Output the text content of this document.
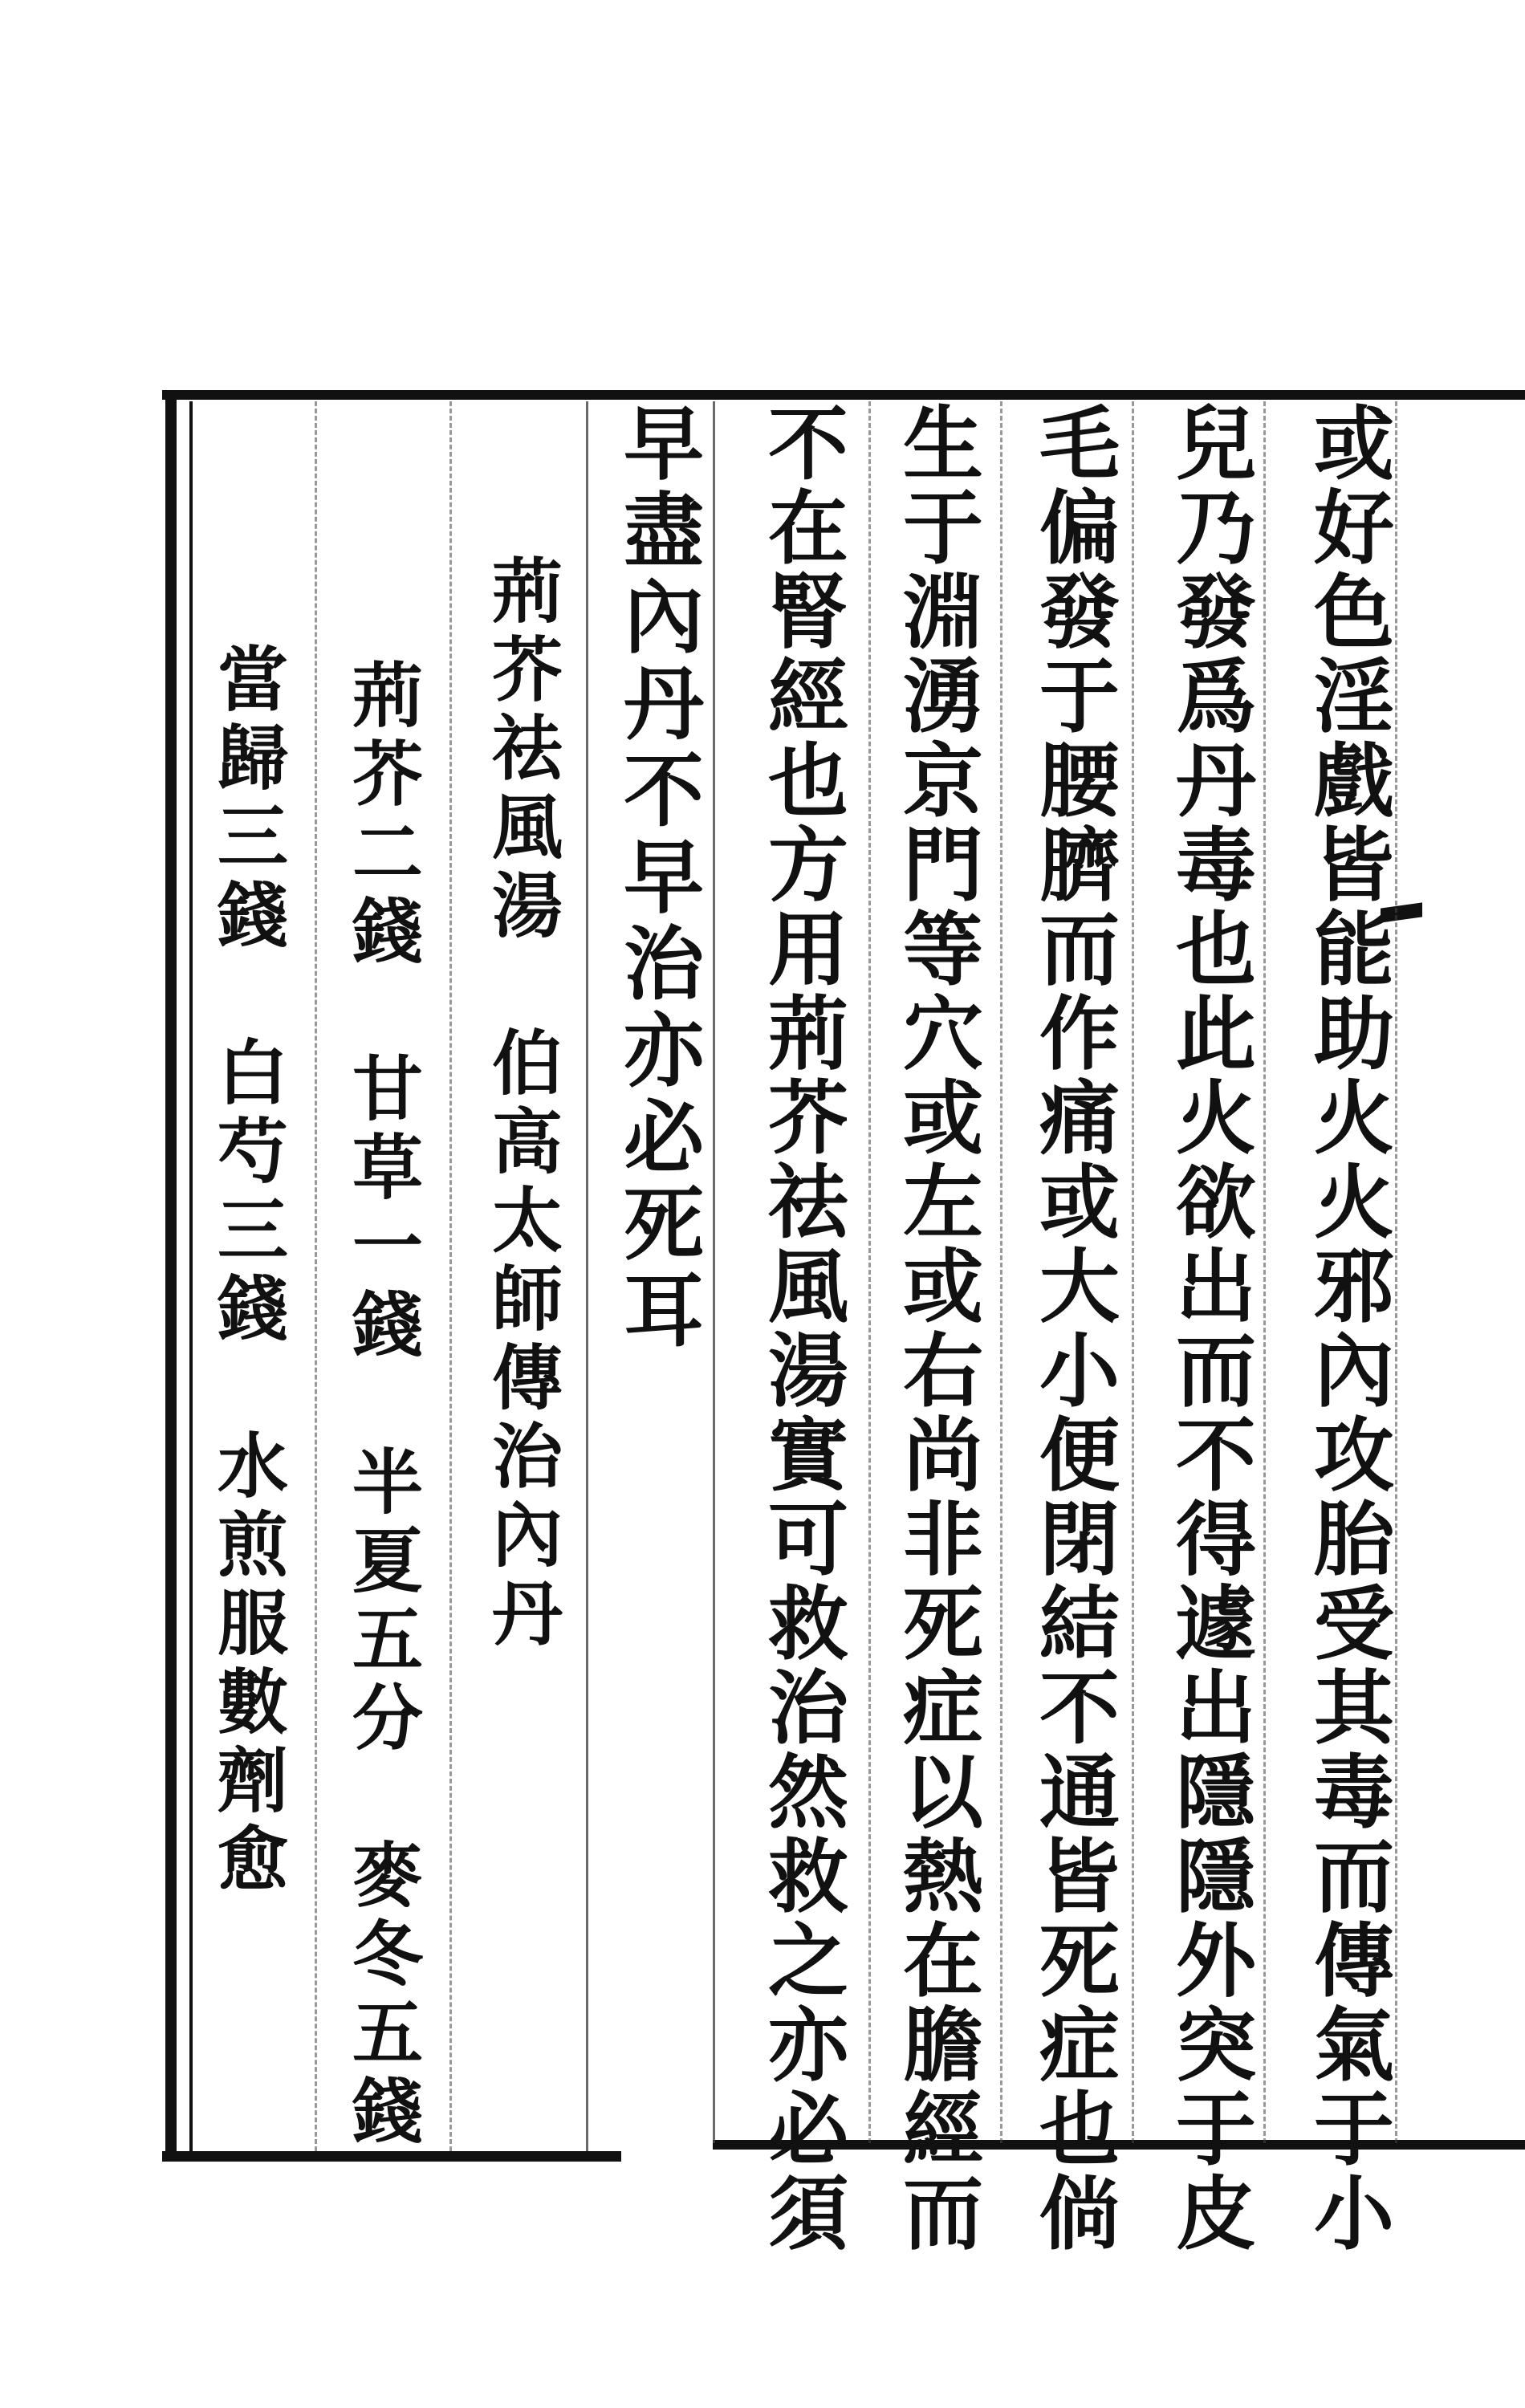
或好色淫戲皆能助火火邪內攻胎受其毒而傳氣于小
兒乃發爲丹毒也此火欲出而不得遽出隱隱外突于皮
毛偏發于腰臍而作痛或大小便閉結不通皆死症也倘
生于淵湧京門等穴或左或右尚非死症以熱在膽經而
不在腎經也方用荊芥祛風湯實可救治然救之亦必須
早盡內丹不早治亦必死耳
荊芥祛風湯　伯高太師傳治內丹
荊芥二錢　甘草一錢　半夏五分　麥冬五錢
當歸三錢　白芍三錢　水煎服數劑愈
